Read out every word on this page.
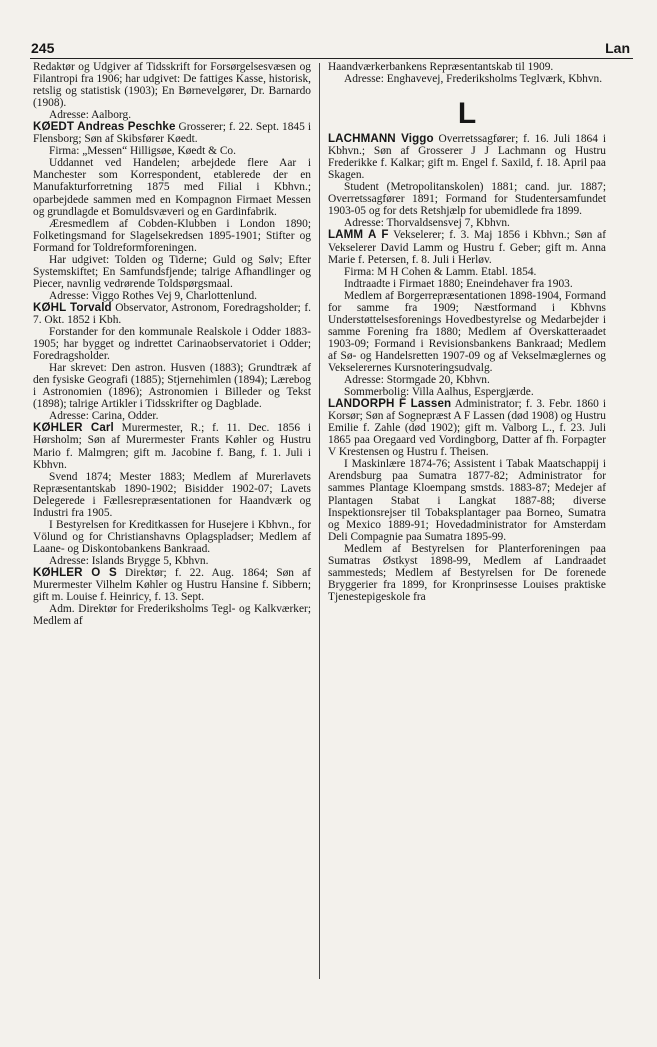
245	Lan

Redaktør og Udgiver af Tidsskrift for Forsørgelsesvæsen og Filantropi fra 1906; har udgivet: De fattiges Kasse, historisk, retslig og statistisk (1903); En Børnevelgører, Dr. Barnardo (1908).

Adresse: Aalborg.

KØEDT Andreas Peschke Grosserer; f. 22. Sept. 1845 i Flensborg; Søn af Skibsfører Køedt.

Firma: „Messen“ Hilligsøe, Køedt & Co.

Uddannet ved Handelen; arbejdede flere Aar i Manchester som Korrespondent, etablerede der en Manufakturforretning 1875 med Filial i Kbhvn.; oparbejdede sammen med en Kompagnon Firmaet Messen og grundlagde et Bomuldsvæveri og en Gardinfabrik.

Æresmedlem af Cobden-Klubben i London 1890; Folketingsmand for Slagelsekredsen 1895-1901; Stifter og Formand for Toldreformforeningen.

Har udgivet: Tolden og Tiderne; Guld og Sølv; Efter Systemskiftet; En Samfundsfjende; talrige Afhandlinger og Piecer, navnlig vedrørende Toldspørgsmaal.

Adresse: Viggo Rothes Vej 9, Charlottenlund.

KØHL Torvald Observator, Astronom, Foredragsholder; f. 7. Okt. 1852 i Kbh.

Forstander for den kommunale Realskole i Odder 1883-1905; har bygget og indrettet Carinaobservatoriet i Odder; Foredragsholder.

Har skrevet: Den astron. Husven (1883); Grundtræk af den fysiske Geografi (1885); Stjernehimlen (1894); Lærebog i Astronomien (1896); Astronomien i Billeder og Tekst (1898); talrige Artikler i Tidsskrifter og Dagblade.

Adresse: Carina, Odder.

KØHLER Carl Murermester, R.; f. 11. Dec. 1856 i Hørsholm; Søn af Murermester Frants Køhler og Hustru Mario f. Malmgren; gift m. Jacobine f. Bang, f. 1. Juli i Kbhvn.

Svend 1874; Mester 1883; Medlem af Murerlavets Repræsentantskab 1890-1902; Bisidder 1902-07; Lavets Delegerede i Fællesrepræsentationen for Haandværk og Industri fra 1905.

I Bestyrelsen for Kreditkassen for Husejere i Kbhvn., for Völund og for Christianshavns Oplagspladser; Medlem af Laane- og Diskontobankens Bankraad.

Adresse: Islands Brygge 5, Kbhvn.

KØHLER O S Direktør; f. 22. Aug. 1864; Søn af Murermester Vilhelm Køhler og Hustru Hansine f. Sibbern; gift m. Louise f. Heinricy, f. 13. Sept.

Adm. Direktør for Frederiksholms Tegl- og Kalkværker; Medlem af

Haandværkerbankens Repræsentantskab til 1909.

Adresse: Enghavevej, Frederiksholms Teglværk, Kbhvn.

L

LACHMANN Viggo Overretssagfører; f. 16. Juli 1864 i Kbhvn.; Søn af Grosserer J J Lachmann og Hustru Frederikke f. Kalkar; gift m. Engel f. Saxild, f. 18. April paa Skagen.

Student (Metropolitanskolen) 1881; cand. jur. 1887; Overretssagfører 1891; Formand for Studentersamfundet 1903-05 og for dets Retshjælp for ubemidlede fra 1899.

Adresse: Thorvaldsensvej 7, Kbhvn.

LAMM A F Vekselerer; f. 3. Maj 1856 i Kbhvn.; Søn af Vekselerer David Lamm og Hustru f. Geber; gift m. Anna Marie f. Petersen, f. 8. Juli i Herløv.

Firma: M H Cohen & Lamm. Etabl. 1854.

Indtraadte i Firmaet 1880; Eneindehaver fra 1903.

Medlem af Borgerrepræsentationen 1898-1904, Formand for samme fra 1909; Næstformand i Kbhvns Understøttelsesforenings Hovedbestyrelse og Medarbejder i samme Forening fra 1880; Medlem af Overskatteraadet 1903-09; Formand i Revisionsbankens Bankraad; Medlem af Sø- og Handelsretten 1907-09 og af Vekselmæglernes og Vekselerernes Kursnoteringsudvalg.

Adresse: Stormgade 20, Kbhvn.

Sommerbolig: Villa Aalhus, Espergjærde.

LANDORPH F Lassen Administrator; f. 3. Febr. 1860 i Korsør; Søn af Sognepræst A F Lassen (død 1908) og Hustru Emilie f. Zahle (død 1902); gift m. Valborg L., f. 23. Juli 1865 paa Oregaard ved Vordingborg, Datter af fh. Forpagter V Krestensen og Hustru f. Theisen.

I Maskinlære 1874-76; Assistent i Tabak Maatschappij i Arendsburg paa Sumatra 1877-82; Administrator for sammes Plantage Kloempang smstds. 1883-87; Medejer af Plantagen Stabat i Langkat 1887-88; diverse Inspektionsrejser til Tobaksplantager paa Borneo, Sumatra og Mexico 1889-91; Hovedadministrator for Amsterdam Deli Compagnie paa Sumatra 1895-99.

Medlem af Bestyrelsen for Planterforeningen paa Sumatras Østkyst 1898-99, Medlem af Landraadet sammesteds; Medlem af Bestyrelsen for De forenede Bryggerier fra 1899, for Kronprinsesse Louises praktiske Tjenestepigeskole fra
